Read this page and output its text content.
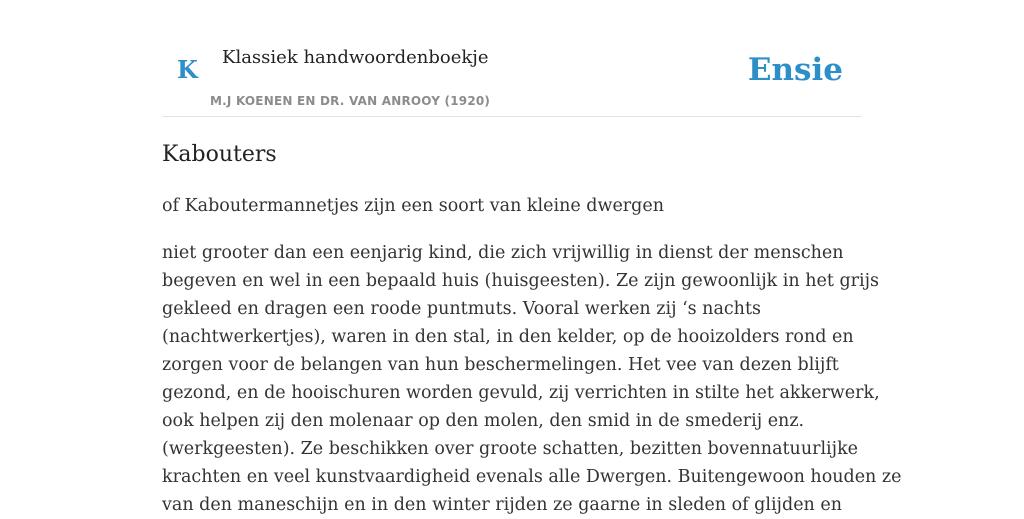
K Klassiek handwoordenboekje
M.J KOENEN EN DR. VAN ANROOY (1920)
Ensie
Kabouters
of Kaboutermannetjes zijn een soort van kleine dwergen
niet grooter dan een eenjarig kind, die zich vrijwillig in dienst der menschen
begeven en wel in een bepaald huis (huisgeesten). Ze zijn gewoonlijk in het grijs
gekleed en dragen een roode puntmuts. Vooral werken zij ‘s nachts
(nachtwerkertjes), waren in den stal, in den kelder, op de hooizolders rond en
zorgen voor de belangen van hun beschermelingen. Het vee van dezen blijft
gezond, en de hooischuren worden gevuld, zij verrichten in stilte het akkerwerk,
ook helpen zij den molenaar op den molen, den smid in de smederij enz.
(werkgeesten). Ze beschikken over groote schatten, bezitten bovennatuurlijke
krachten en veel kunstvaardigheid evenals alle Dwergen. Buitengewoon houden ze
van den maneschijn en in den winter rijden ze gaarne in sleden of glijden en
